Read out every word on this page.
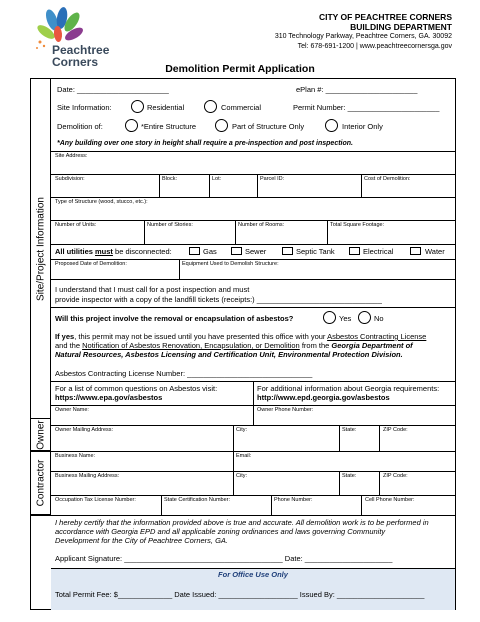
Peachtree
Corners
CITY OF PEACHTREE CORNERS
BUILDING DEPARTMENT
310 Technology Parkway, Peachtree Corners, GA. 30092
Tel: 678-691-1200 | www.peachtreecornersga.gov
Demolition Permit Application
Site/Project Information
Owner
Contractor
Date: ______________________	ePlan #: ______________________
Site Information:	Residential	Commercial	Permit Number: ______________________
Demolition of:	*Entire Structure	Part of Structure Only	Interior Only
*Any building over one story in height shall require a pre-inspection and post inspection.
Site Address:
Subdivision:	Block:	Lot:	Parcel ID:	Cost of Demolition:
Type of Structure (wood, stucco, etc.):
Number of Units:	Number of Stories:	Number of Rooms:	Total Square Footage:
All utilities must be disconnected:	Gas	Sewer	Septic Tank	Electrical	Water
Proposed Date of Demolition:	Equipment Used to Demolish Structure:
I understand that I must call for a post inspection and must
provide inspector with a copy of the landfill tickets (receipts:) ______________________________
Will this project involve the removal or encapsulation of asbestos?	Yes	No
If yes, this permit may not be issued until you have presented this office with your Asbestos Contracting License
and the Notification of Asbestos Renovation, Encapsulation, or Demolition from the Georgia Department of
Natural Resources, Asbestos Licensing and Certification Unit, Environmental Protection Division.
Asbestos Contracting License Number: ______________________________
For a list of common questions on Asbestos visit:
https://www.epa.gov/asbestos
For additional information about Georgia requirements:
http://www.epd.georgia.gov/asbestos
Owner Name:	Owner Phone Number:
Owner Mailing Address:	City:	State:	ZIP Code:
Business Name:	Email:
Business Mailing Address:	City:	State:	ZIP Code:
Occupation Tax License Number:	State Certification Number:	Phone Number:	Cell Phone Number:
I hereby certify that the information provided above is true and accurate. All demolition work is to be performed in
accordance with Georgia EPD and all applicable zoning ordinances and laws governing Community
Development for the City of Peachtree Corners, GA.
Applicant Signature: ______________________________________ Date: _____________________
For Office Use Only
Total Permit Fee: $_____________ Date Issued: ___________________ Issued By: _____________________
